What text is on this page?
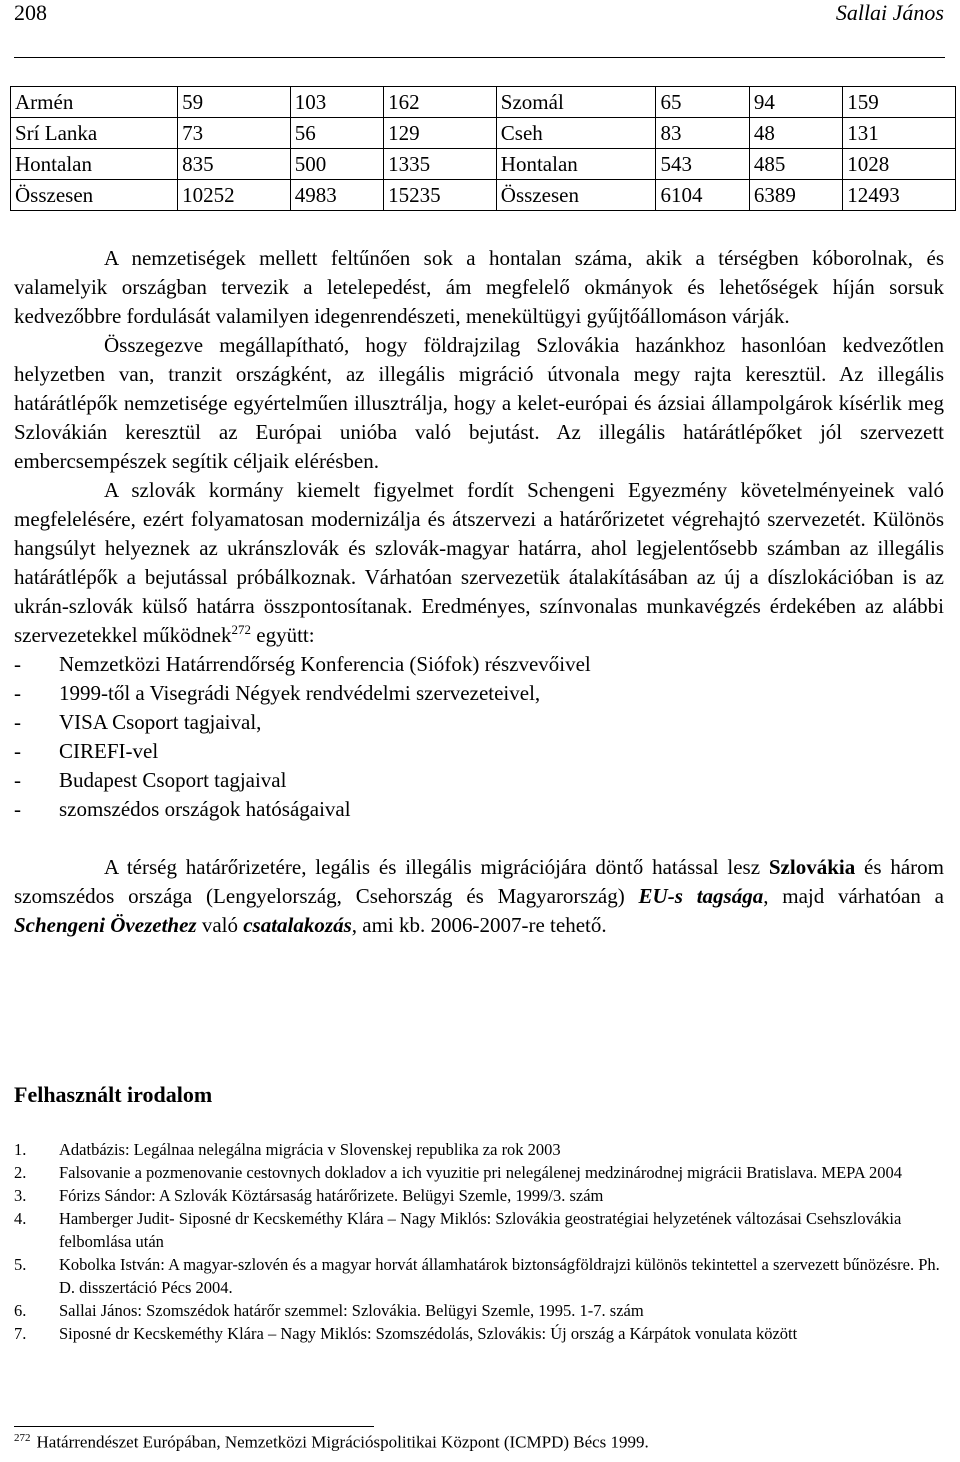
208	Sallai János
Armén	59	103	162	Szomál	65	94	159
Srí Lanka	73	56	129	Cseh	83	48	131
Hontalan	835	500	1335	Hontalan	543	485	1028
Összesen	10252	4983	15235	Összesen	6104	6389	12493

A nemzetiségek mellett feltűnően sok a hontalan száma, akik a térségben kóborolnak, és valamelyik országban tervezik a letelepedést, ám megfelelő okmányok és lehetőségek híján sorsuk kedvezőbbre fordulását valamilyen idegenrendészeti, menekültügyi gyűjtőállomáson várják.

Összegezve megállapítható, hogy földrajzilag Szlovákia hazánkhoz hasonlóan kedvezőtlen helyzetben van, tranzit országként, az illegális migráció útvonala megy rajta keresztül. Az illegális határátlépők nemzetisége egyértelműen illusztrálja, hogy a kelet-európai és ázsiai állampolgárok kísérlik meg Szlovákián keresztül az Európai unióba való bejutást. Az illegális határátlépőket jól szervezett embercsempészek segítik céljaik elérésben.

A szlovák kormány kiemelt figyelmet fordít Schengeni Egyezmény követelményeinek való megfelelésére, ezért folyamatosan modernizálja és átszervezi a határőrizetet végrehajtó szervezetét. Különös hangsúlyt helyeznek az ukránszlovák és szlovák-magyar határra, ahol legjelentősebb számban az illegális határátlépők a bejutással próbálkoznak. Várhatóan szervezetük átalakításában az új a díszlokációban is az ukrán-szlovák külső határra összpontosítanak. Eredményes, színvonalas munkavégzés érdekében az alábbi szervezetekkel működnek$^{272}$ együtt:

-	Nemzetközi Határrendőrség Konferencia (Siófok) részvevőivel
-	1999-től a Visegrádi Négyek rendvédelmi szervezeteivel,
-	VISA Csoport tagjaival,
-	CIREFI-vel
-	Budapest Csoport tagjaival
-	szomszédos országok hatóságaival

A térség határőrizetére, legális és illegális migrációjára döntő hatással lesz Szlovákia és három szomszédos országa (Lengyelország, Csehország és Magyarország) EU-s tagsága, majd várhatóan a Schengeni Övezethez való csatalakozás, ami kb. 2006-2007-re tehető.

Felhasznált irodalom
1.	Adatbázis: Legálnaa nelegálna migrácia v Slovenskej republika za rok 2003
2.	Falsovanie a pozmenovanie cestovnych dokladov a ich vyuzitie pri nelegálenej medzinárodnej migrácii Bratislava. MEPA 2004
3.	Fórizs Sándor: A Szlovák Köztársaság határőrizete. Belügyi Szemle, 1999/3. szám
4.	Hamberger Judit- Siposné dr Kecskeméthy Klára – Nagy Miklós: Szlovákia geostratégiai helyzetének változásai Csehszlovákia felbomlása után
5.	Kobolka István: A magyar-szlovén és a magyar horvát államhatárok biztonságföldrajzi különös tekintettel a szervezett bűnözésre. Ph. D. disszertáció Pécs 2004.
6.	Sallai János: Szomszédok határőr szemmel: Szlovákia. Belügyi Szemle, 1995. 1-7. szám
7.	Siposné dr Kecskeméthy Klára – Nagy Miklós: Szomszédolás, Szlovákis: Új ország a Kárpátok vonulata között
$^{272}$ Határrendészet Európában, Nemzetközi Migrációspolitikai Központ (ICMPD) Bécs 1999.
